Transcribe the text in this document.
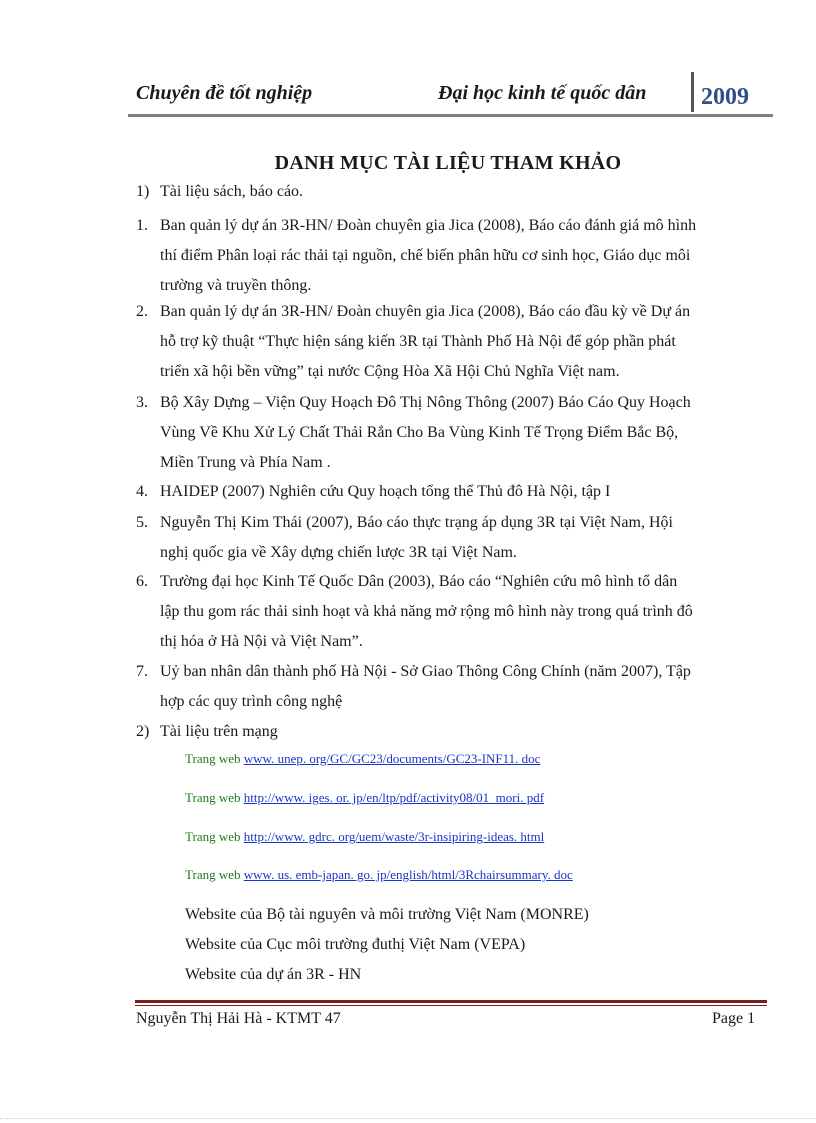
Chuyên đề tốt nghiệp	Đại học kinh tế quốc dân 2009
DANH MỤC TÀI LIỆU THAM KHẢO
1) Tài liệu sách, báo cáo.
1. Ban quản lý dự án 3R-HN/ Đoàn chuyên gia Jica (2008), Báo cáo đánh giá mô hình
thí điểm Phân loại rác thải tại nguồn, chế biến phân hữu cơ sinh học, Giáo dục môi
trường và truyền thông.
2. Ban quản lý dự án 3R-HN/ Đoàn chuyên gia Jica (2008), Báo cáo đầu kỳ về Dự án
hỗ trợ kỹ thuật “Thực hiện sáng kiến 3R tại Thành Phố Hà Nội để góp phần phát
triển xã hội bền vững” tại nước Cộng Hòa Xã Hội Chủ Nghĩa Việt nam.
3. Bộ Xây Dựng – Viện Quy Hoạch Đô Thị Nông Thông (2007) Báo Cáo Quy Hoạch
Vùng Về Khu Xử Lý Chất Thải Rắn Cho Ba Vùng Kinh Tế Trọng Điểm Bắc Bộ,
Miền Trung và Phía Nam .
4. HAIDEP (2007) Nghiên cứu Quy hoạch tổng thể Thủ đô Hà Nội, tập I
5. Nguyễn Thị Kim Thái (2007), Báo cáo thực trạng áp dụng 3R tại Việt Nam, Hội
nghị quốc gia về Xây dựng chiến lược 3R tại Việt Nam.
6. Trường đại học Kinh Tế Quốc Dân (2003), Báo cáo “Nghiên cứu mô hình tổ dân
lập thu gom rác thải sinh hoạt và khả năng mở rộng mô hình này trong quá trình đô
thị hóa ở Hà Nội và Việt Nam”.
7. Uỷ ban nhân dân thành phố Hà Nội - Sở Giao Thông Công Chính (năm 2007), Tập
hợp các quy trình công nghệ
2) Tài liệu trên mạng
Trang web www. unep. org/GC/GC23/documents/GC23-INF11. doc
Trang web http://www. iges. or. jp/en/ltp/pdf/activity08/01_mori. pdf
Trang web http://www. gdrc. org/uem/waste/3r-insipiring-ideas. html
Trang web www. us. emb-japan. go. jp/english/html/3Rchairsummary. doc
Website của Bộ tài nguyên và môi trường Việt Nam (MONRE)
Website của Cục môi trường đuthị Việt Nam (VEPA)
Website của dự án 3R - HN
Nguyễn Thị Hải Hà - KTMT 47	Page 1
